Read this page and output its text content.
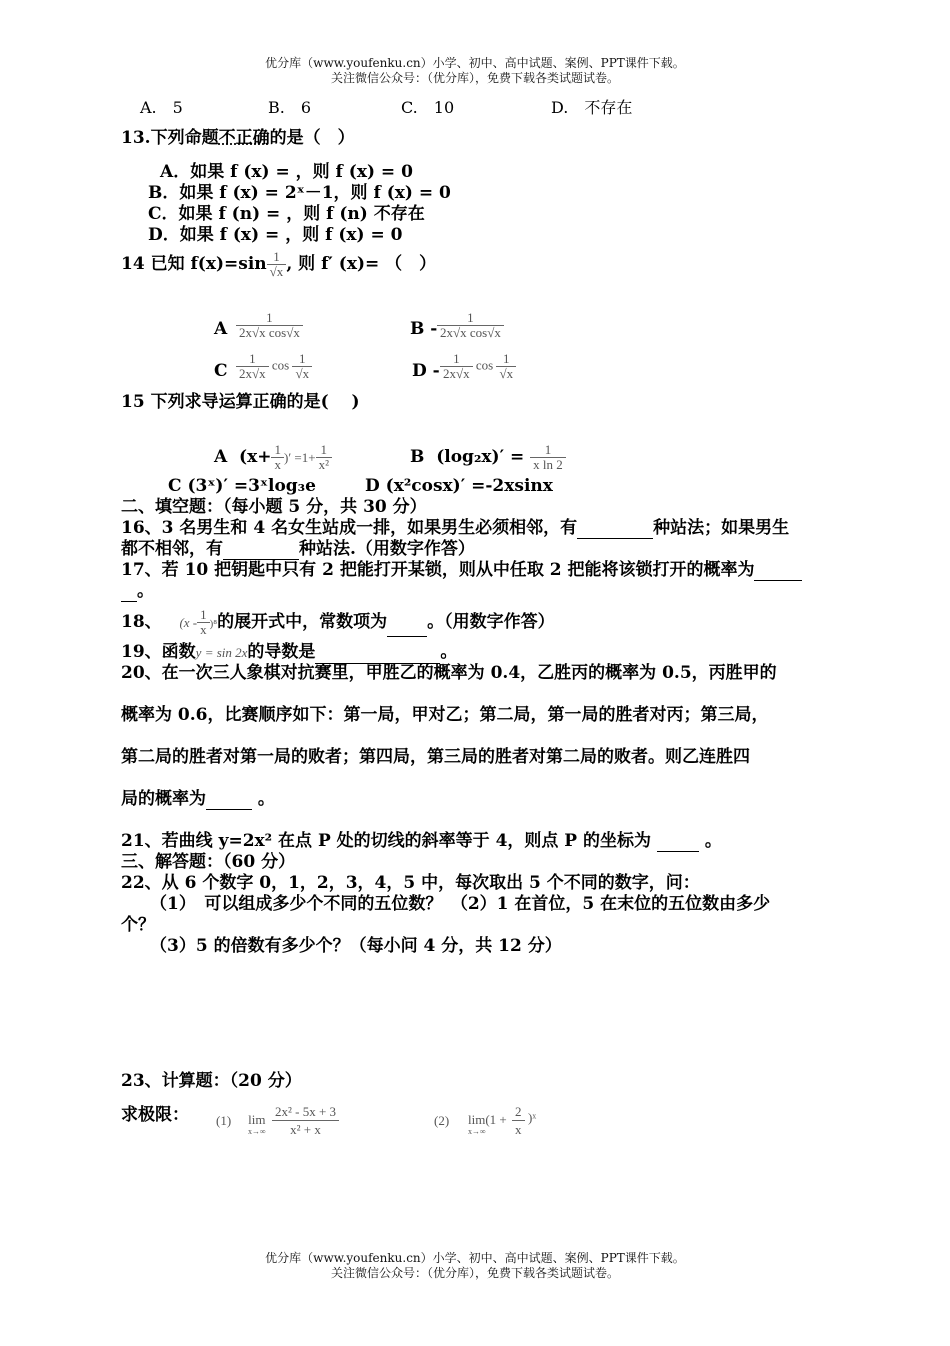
优分库（www.youfenku.cn）小学、初中、高中试题、案例、PPT课件下载。
关注微信公众号：（优分库），免费下载各类试题试卷。
A.　5	B.　6	C.　10	D.　不存在
13.下列命题不正确的是（　）
A．如果 f (x) = ，则 f (x) = 0
B．如果 f (x) = 2ˣ－1，则 f (x) = 0
C．如果 f (n) = ，则 f (n) 不存在
D．如果 f (x) = ，则 f (x) = 0
14 已知 $f(x)=\sin \frac{1}{√x}$ , 则 f′ (x)= （　）
A $\frac{1}{\text{2x√x cos√x}}$	B - $\frac{1}{\text{2x√x cos√x}}$
C $\frac{1}{2x√x}$ $\cos \frac{1}{√x}$	D - $\frac{1}{2x√x}$ $\cos \frac{1}{√x}$
15 下列求导运算正确的是(　 )
A ($x+ \frac{1}{x}$ )′ $=1+ \frac{1}{\text{x²}}$	B $(\log_2x)' = \frac{1}{\text{x ln 2}}$
C (3ˣ)′ =3ˣlog₃e	D (x²cosx)′ =-2xsinx
二、填空题：（每小题 5 分，共 30 分）
16、3 名男生和 4 名女生站成一排，如果男生必须相邻，有	种站法；如果男生
都不相邻，有	种站法.（用数字作答）
17、若 10 把钥匙中只有 2 把能打开某锁，则从中任取 2 把能将该锁打开的概率为
。
18、 $(x - \frac{1}{x} )^8$的展开式中，常数项为 。（用数字作答）
19、函数y = sin 2x的导数是	。
20、在一次三人象棋对抗赛里，甲胜乙的概率为 0.4，乙胜丙的概率为 0.5，丙胜甲的
概率为 0.6，比赛顺序如下：第一局，甲对乙；第二局，第一局的胜者对丙；第三局，
第二局的胜者对第一局的败者；第四局，第三局的胜者对第二局的败者。则乙连胜四
局的概率为	。
21、若曲线 y=2x² 在点 P 处的切线的斜率等于 4，则点 P 的坐标为	。
三、解答题：（60 分）
22、从 6 个数字 0，1，2，3，4，5 中，每次取出 5 个不同的数字，问：
（1）　可以组成多少个不同的五位数？　（2）1 在首位，5 在末位的五位数由多少
个？
（3）5 的倍数有多少个？（每小问 4 分，共 12 分）
23、计算题：（20 分）
求极限： (1) lim
$x\to\infty \frac{\text{2x² - 5x + 3}}{\text{x² + x}}$	(2) lim(1 +
x→∞	$\frac{2}{x}$ )ˣ
优分库（www.youfenku.cn）小学、初中、高中试题、案例、PPT课件下载。
关注微信公众号：（优分库），免费下载各类试题试卷。
